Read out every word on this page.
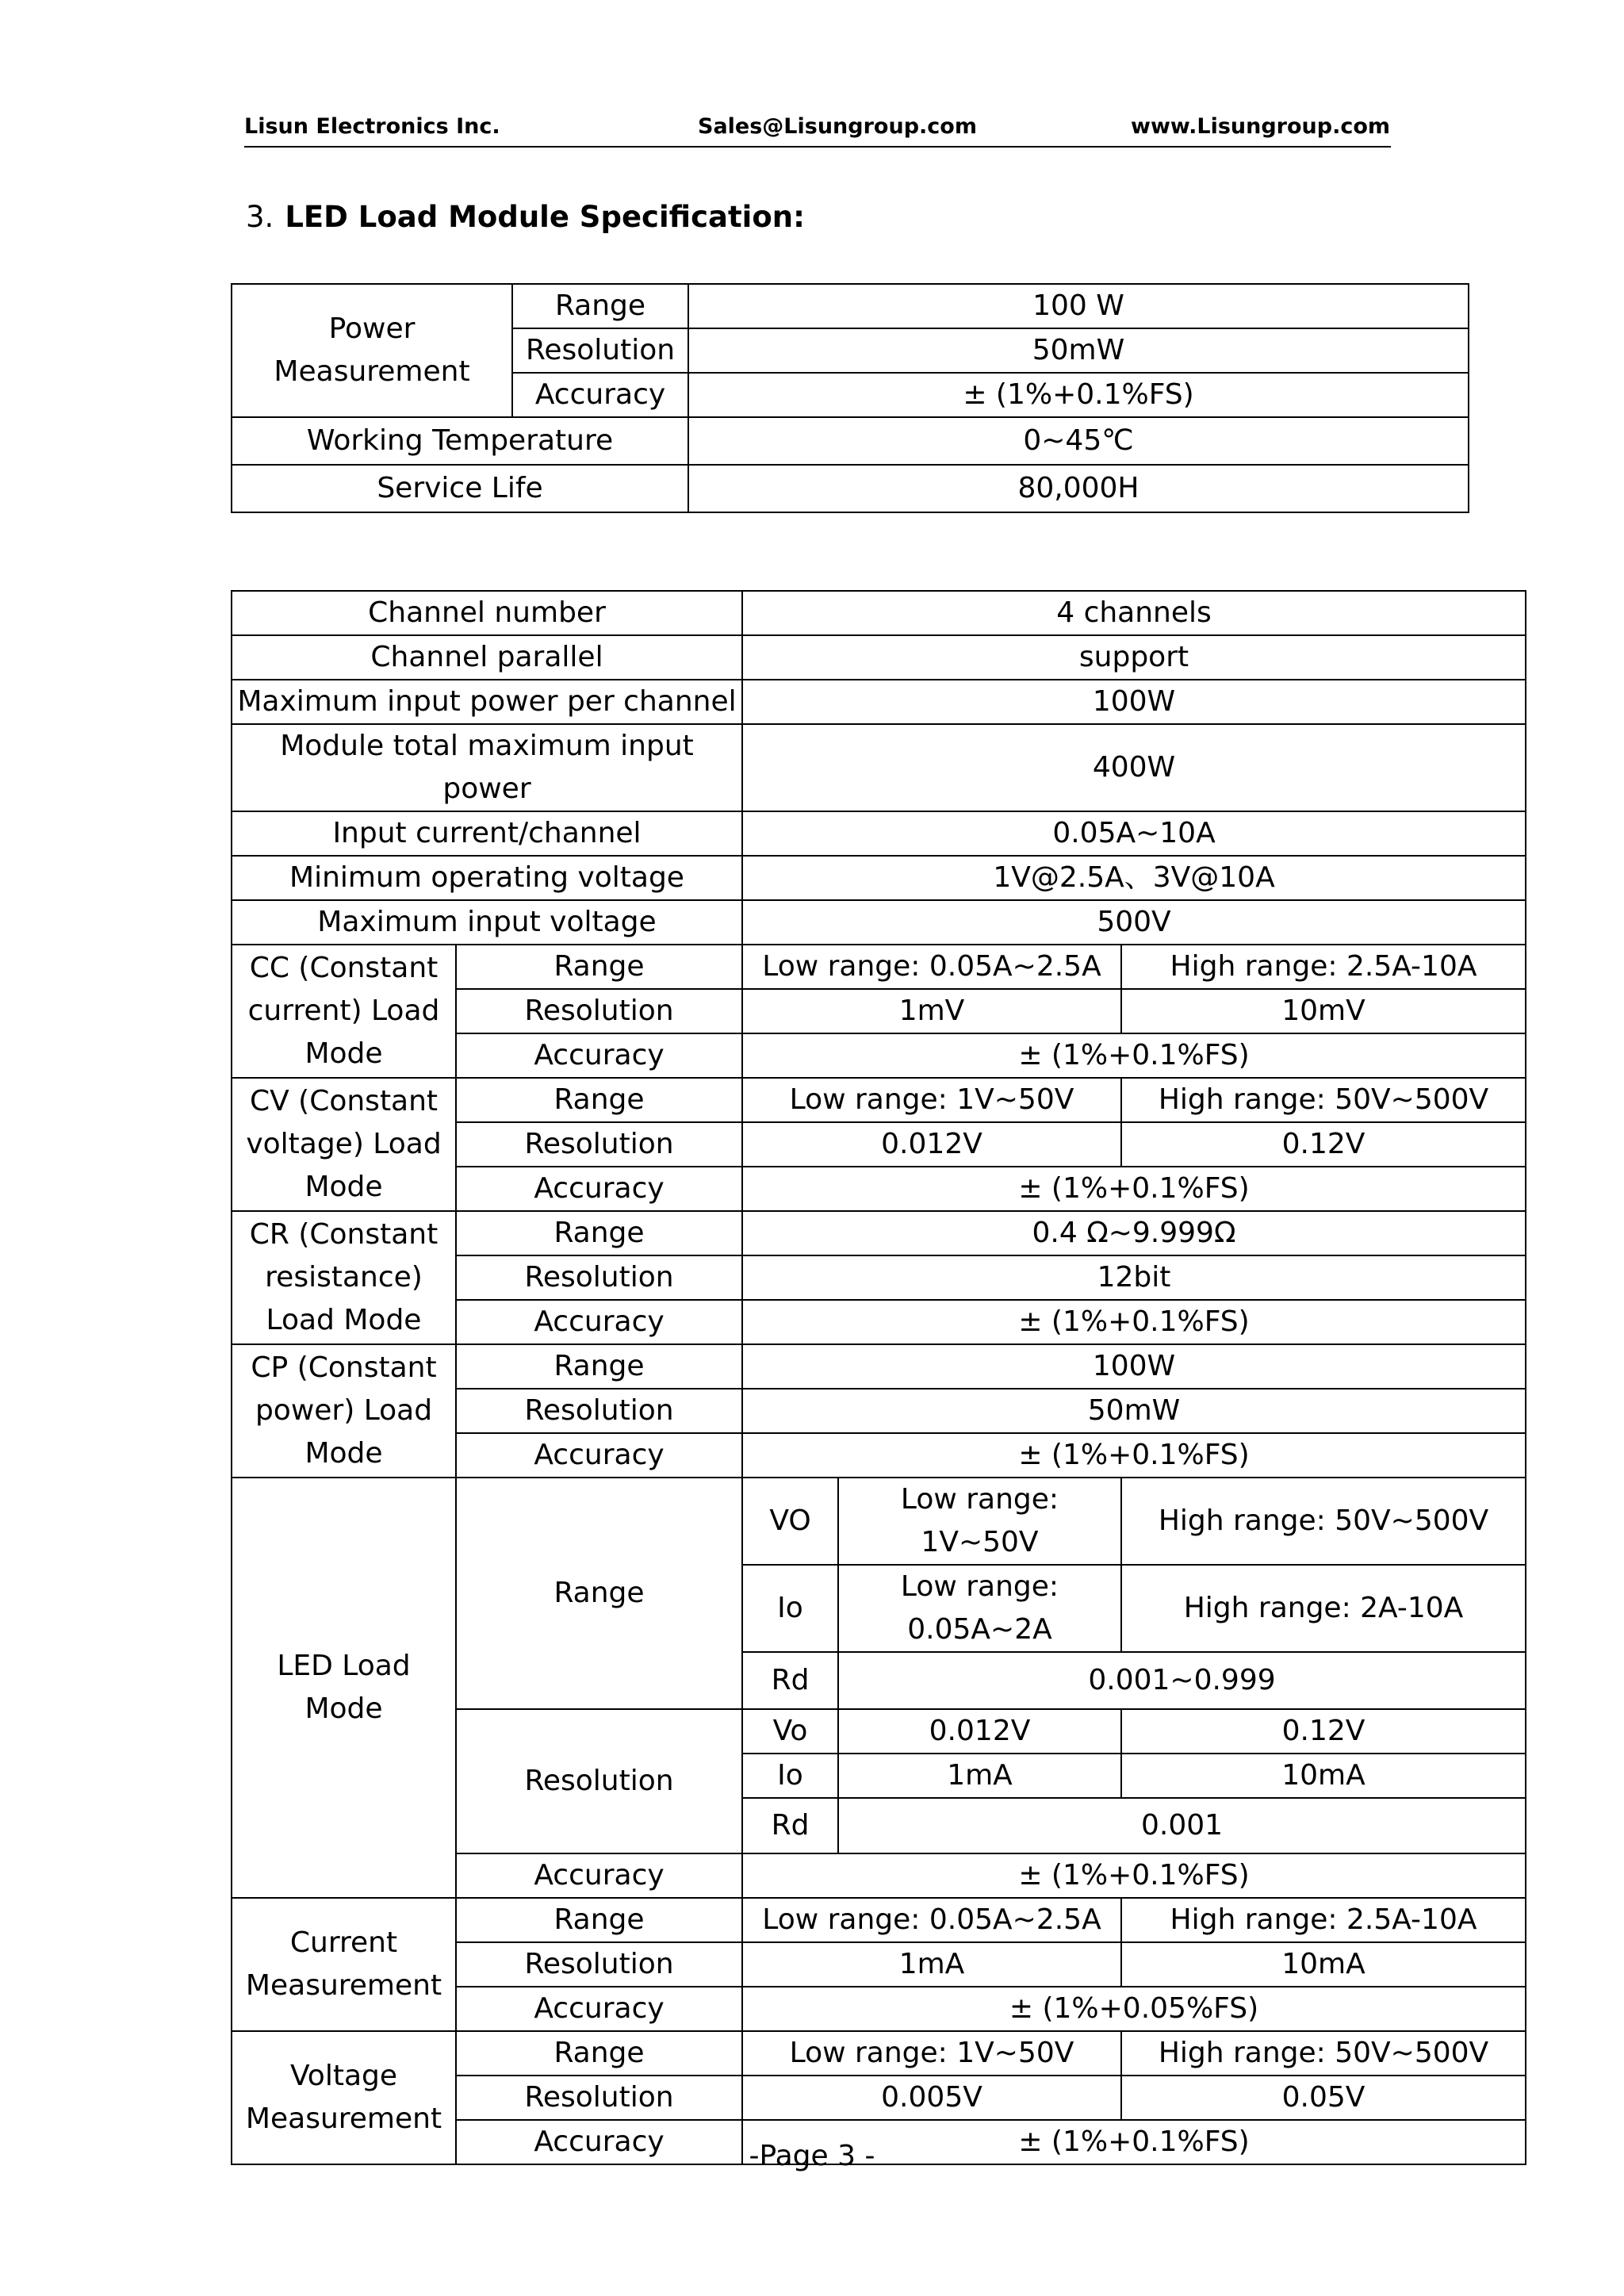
Lisun Electronics Inc.	Sales@Lisungroup.com	www.Lisungroup.com
3. LED Load Module Specification:
Power Measurement	Range	100 W
	Resolution	50mW
	Accuracy	± (1%+0.1%FS)
Working Temperature		0~45℃
Service Life		80,000H
Channel number		4 channels		
Channel parallel		support		
Maximum input power per channel		100W		
Module total maximum input power		400W		
Input current/channel		0.05A~10A		
Minimum operating voltage		1V@2.5A、3V@10A		
Maximum input voltage		500V		
CC (Constant current) Load Mode	Range	Low range: 0.05A~2.5A		High range: 2.5A-10A
	Resolution	1mV		10mV
	Accuracy	± (1%+0.1%FS)		
CV (Constant voltage) Load Mode	Range	Low range: 1V~50V		High range: 50V~500V
	Resolution	0.012V		0.12V
	Accuracy	± (1%+0.1%FS)		
CR (Constant resistance) Load Mode	Range	0.4 Ω~9.999Ω		
	Resolution	12bit		
	Accuracy	± (1%+0.1%FS)		
CP (Constant power) Load Mode	Range	100W		
	Resolution	50mW		
	Accuracy	± (1%+0.1%FS)		
LED Load Mode	Range	VO	Low range: 1V~50V	High range: 50V~500V
		Io	Low range: 0.05A~2A	High range: 2A-10A
		Rd	0.001~0.999	
	Resolution	Vo	0.012V	0.12V
		Io	1mA	10mA
		Rd	0.001	
	Accuracy	± (1%+0.1%FS)		
Current Measurement	Range	Low range: 0.05A~2.5A		High range: 2.5A-10A
	Resolution	1mA		10mA
	Accuracy	± (1%+0.05%FS)		
Voltage Measurement	Range	Low range: 1V~50V		High range: 50V~500V
	Resolution	0.005V		0.05V
	Accuracy	± (1%+0.1%FS)		
-Page 3 -
